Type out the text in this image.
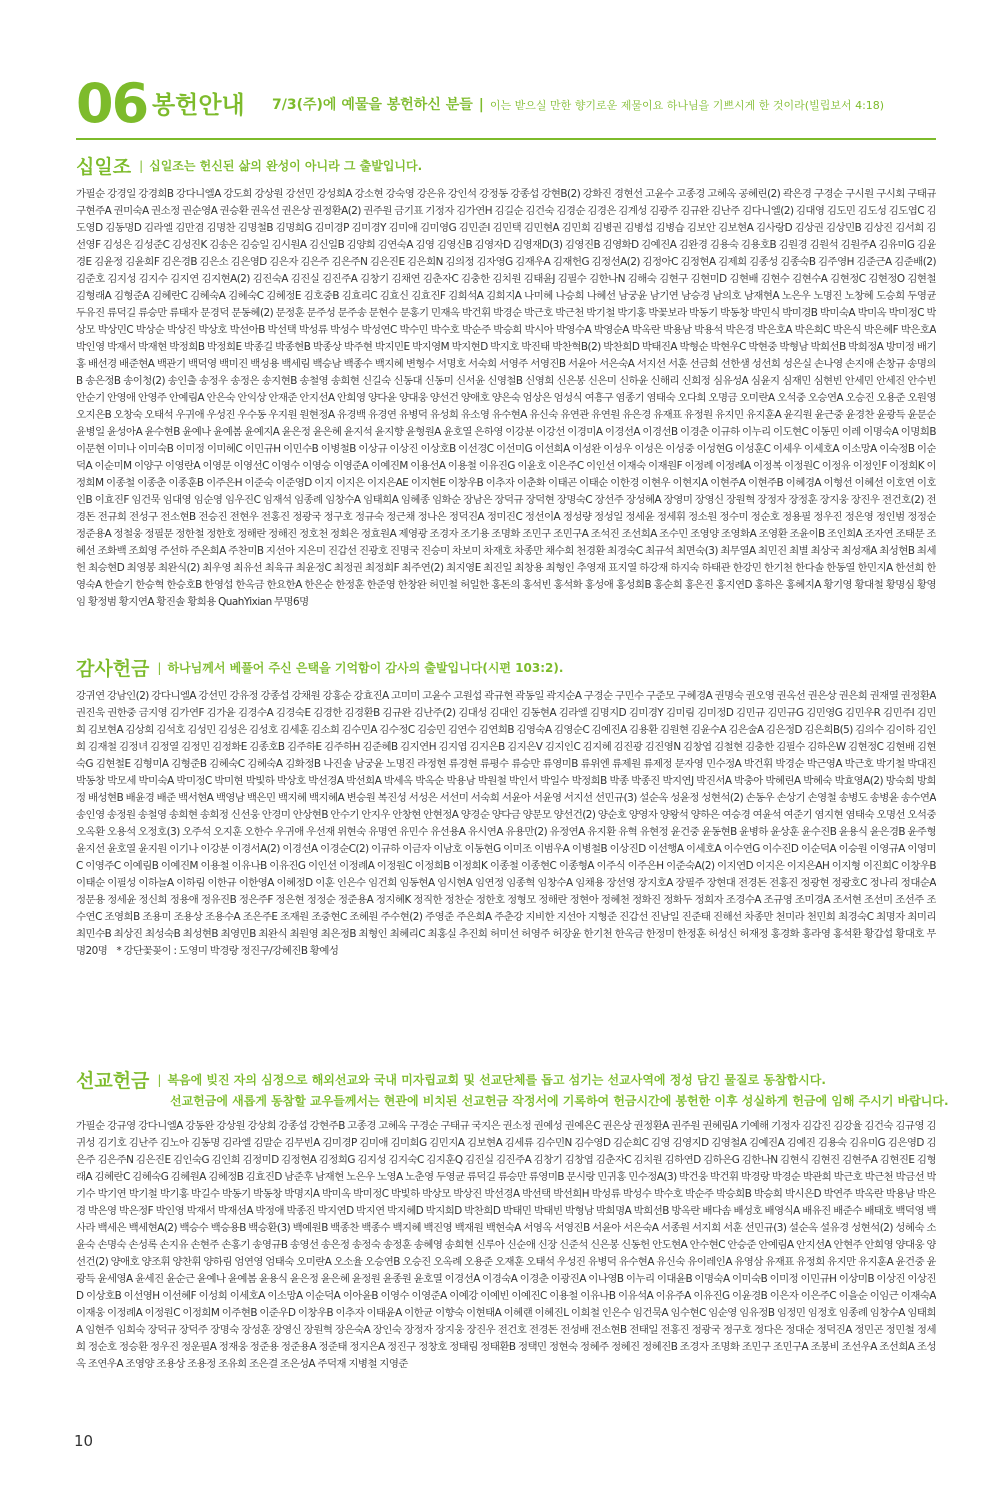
06 봉헌안내 7/3(주)에 예물을 봉헌하신 분들 | 이는 받으실 만한 향기로운 제물이요 하나님을 기쁘시게 한 것이라(빌립보서 4:18)
십일조 | 십일조는 헌신된 삶의 완성이 아니라 그 출발입니다.
가필순 강경일 강경희B 강다니엘A 강도희 강상원 강선민 강성희A 강소현 강숙영 강은유 강인석 강정동 강종섭 강현B(2) 강화진 경현선 고윤수 고종경 고혜옥 공혜린(2) 곽은경 구경순 구시원 구시회 구태규 구현주A 권미숙A 권소정 권순영A 권승환 권옥선 권은상 권정환A(2) 권주원 금기표 기정자 김가연H 김길순 김건숙 김경순 김경은 김계성 김광주 김규완 김난주 김다니엘(2) 김대영 김도민 김도성 김도엽C 김도영D 김동명D 김라엘 김만겸 김명찬 김명철B 김명희G 김미경P 김미경Y 김미애 김미영G 김민준I 김민택 김민현A 김민희 김병권 김병섭 김병습 김보안 김보현A 김사랑D 김상권 김상민B 김상진 김서희 김선영F 김성은 김성준C 김성진K 김송은 김승일 김시원A 김신일B 김양희 김연숙A 김영 김영신B 김영자D 김영재D(3) 김영진B 김영화D 김예진A 김완경 김용숙 김용호B 김원경 김원석 김원주A 김유미G 김윤경E 김윤정 김윤희F 김은경B 김은소 김은영D 김은자 김은주 김은주N 김은진E 김은희N 김의정 김자영G 김재우A 김재헌G 김정선A(2) 김정아C 김정현A 김제희 김종성 김종숙B 김주영H 김준근A 김준배(2) 김준호 김지성 김지수 김지연 김지현A(2) 김진숙A 김진실 김진주A 김창기 김채연 김춘자C 김충한 김치원 김태윤J 김필수 김한나N 김해숙 김현구 김현미D 김현배 김현수 김현수A 김현정C 김현정O 김현철 김형래A 김형준A 김혜란C 김혜숙A 김혜숙C 김혜정E 김호중B 김효리C 김효신 김효진F 김희석A 김희지A 나미혜 나승희 나혜선 남궁윤 남기연 남승경 남의호 남재현A 노은우 노명진 노창혜 도승희 두영균 두유진 류덕길 류승만 류태자 문경덕 문동혜(2) 문정훈 문주성 문주송 문현수 문홍기 민재옥 박건휘 박경순 박근호 박근천 박기철 박기홍 박꽃보라 박동기 박동창 박민식 박미경B 박미숙A 박미옥 박미정C 박상모 박상민C 박상순 박상진 박상호 박선아B 박선택 박성류 박성수 박성연C 박수민 박수호 박순주 박승희 박시아 박영수A 박영순A 박옥란 박용남 박용석 박은경 박은호A 박은희C 박은식 박은혜F 박은호A 박인영 박재서 박재현 박정희B 박정희E 박종길 박종현B 박종상 박주현 박지민E 박지영M 박지현D 박지호 박진태 박찬혁B(2) 박찬희D 박태진A 박형순 박현우C 박현중 박형남 박희선B 박희정A 방미정 배기홍 배선경 배준현A 백관기 백덕영 백미진 백성용 백세림 백승남 백종수 백지혜 변형수 서명호 서숙희 서영주 서영진B 서윤아 서은숙A 서지선 서훈 선금희 선한샘 성선희 성은실 손나영 손지애 손창규 송명의B 송은정B 송이청(2) 송인출 송정우 송정은 송지현B 송철영 송희현 신길숙 신동대 신동미 신서윤 신영철B 신영희 신은봉 신은미 신하윤 신해리 신희정 심유성A 심윤지 심재민 심현빈 안세민 안세진 안수빈 안순기 안영애 안영주 안예림A 안은숙 안익상 안재준 안지선A 안희영 양다윤 양대웅 양선건 양애호 양은숙 엄상은 엄성식 여흥구 염종기 염태숙 오다희 오명금 오미란A 오석중 오승연A 오승진 오용준 오원영 오지은B 오창숙 오태석 우귀애 우성진 우수동 우지원 원현정A 유경백 유경연 유병덕 유성희 유소영 유수현A 유신숙 유연관 유연원 유은경 유재표 유정원 유지민 유지훈A 윤긱원 윤근중 윤경찬 윤광득 윤문순 윤병일 윤성아A 윤수현B 윤예나 윤예봄 윤예지A 윤은정 윤은혜 윤지석 윤지향 윤형원A 윤호열 은하영 이강분 이강선 이경미A 이경선A 이경선B 이경춘 이규하 이누리 이도현C 이동민 이레 이명숙A 이명희B 이문현 이미나 이미숙B 이미정 이미혜C 이민규H 이민수B 이병철B 이상규 이상진 이상호B 이선경C 이선미G 이선희A 이성완 이성우 이성은 이성중 이성현G 이성훈C 이세우 이세호A 이소망A 이숙정B 이순덕A 이순미M 이양구 이영란A 이영문 이영선C 이영수 이영승 이영준A 이예진M 이용선A 이용철 이유진G 이윤호 이은주C 이인선 이재숙 이재원F 이정례 이정례A 이정복 이정원C 이정유 이정인F 이정희K 이정희M 이종철 이종춘 이종훈B 이주은H 이준숙 이준영D 이지 이지은 이지은AE 이지현E 이창우B 이추자 이춘화 이태곤 이태순 이한경 이현우 이현지A 이현주A 이현주B 이혜경A 이형선 이혜선 이호연 이호인B 이효진F 임건묵 임대영 임순영 임우진C 임재석 임종례 임창수A 임태희A 임혜종 임화순 장남은 장덕규 장덕현 장명숙C 장선주 장성혜A 장영미 장영신 장원혁 장정자 장정훈 장지웅 장진우 전건호(2) 전경돈 전규희 전성구 전소현B 전승진 전현우 전홍진 정광국 정구호 정규숙 정근채 정나은 정덕진A 정미진C 정선이A 정성량 정성일 정세윤 정세휘 정소원 정수미 정순호 정용필 정우진 정은영 정인범 정정순 정준용A 정철웅 정필문 정한철 정한호 정해란 정해진 정호천 정회은 정효원A 제영광 조경자 조기용 조명화 조민구 조민구A 조석진 조선희A 조수민 조영양 조영화A 조영환 조윤이B 조인희A 조자연 조태문 조혜선 조화백 조희영 주선하 주온희A 주찬미B 지선아 지은미 진갑선 진광호 진명국 진승미 차보미 차재호 차종만 채수희 천경환 최경숙C 최규석 최면숙(3) 최무열A 최민진 최별 최상국 최성재A 최성현B 최세헌 최승현D 최영봉 최완식(2) 최우영 최유선 최육규 최윤정C 최정권 최정희F 최주연(2) 최지영E 최진일 최창용 최형인 추영재 표지열 하강재 하지숙 하태관 한강민 한기천 한다솔 한동열 한민지A 한선희 한영숙A 한슬기 한승혁 한승호B 한영섭 한옥금 한요한A 한은순 한정훈 한준영 한창완 허민철 허일한 홍돈의 홍석빈 홍석화 홍성애 홍성희B 홍순희 홍은진 홍지연D 홍하은 홍혜지A 황기영 황대철 황명심 황영임 황정범 황지연A 황진솔 황희용 QuahYixian 무명6명
감사헌금 | 하나님께서 베풀어 주신 은택을 기억함이 감사의 출발입니다(시편 103:2).
강귀연 강남인(2) 강다니엘A 강선민 강유정 강종섭 강채원 강홍순 강효진A 고미미 고윤수 고원섭 곽규현 곽동일 곽지순A 구경순 구민수 구준모 구혜경A 권명숙 권오영 권옥선 권은상 권은희 권재열 권정환A 권진욱 권한중 금지영 김가연F 김가윤 김경수A 김경숙E 김경한 김경환B 김규완 김난주(2) 김대성 김대인 김동현A 김라엘 김명지D 김미경Y 김미림 김미정D 김민규 김민규G 김민영G 김민우R 김민주I 김민희 김보현A 김상희 김석호 김성민 김성은 김성호 김세훈 김소희 김수민A 김수정C 김승민 김연수 김연희B 김영숙A 김영순C 김예진A 김용환 김원현 김윤수A 김은술A 김은정D 김은희B(5) 김의수 김이하 김인희 김재철 김정녀 김정열 김정민 김정화E 김종호B 김주하E 김주하H 김준혜B 김지연H 김지엽 김지은B 김지은V 김지인C 김지혜 김진광 김진영N 김창엽 김철현 김충한 김필수 김하은W 김현정C 김현배 김현숙G 김현철E 김형미A 김형준B 김혜숙C 김혜숙A 김화정B 나진솔 남궁윤 노명진 라정현 류경현 류평수 류승만 류영미B 류위엔 류제원 류제정 문자영 민수정A 박건휘 박경순 박근영A 박근호 박기철 박대진 박동창 박모세 박미숙A 박미정C 박미현 박빛하 박상호 박선경A 박선희A 박세옥 박옥순 박용남 박원철 박인서 박일수 박정희B 박종 박종진 박지연J 박진서A 박충아 박혜린A 박혜숙 박효영A(2) 방숙희 방희정 배성현B 배윤경 배준 백서현A 백영남 백은민 백지혜 백지혜A 변승원 복진성 서성은 서선미 서숙희 서윤아 서윤영 서지선 선민규(3) 설순옥 성윤정 성현석(2) 손동우 손상기 손영철 송병도 송병윤 송수연A 송인영 송정원 송철영 송희현 송희정 신선웅 안경미 안상현B 안수기 안지우 안창현 안현정A 양경순 양다금 양문모 양선건(2) 양순호 양영자 양왕석 양하은 여승경 여윤석 여준기 염지현 염태숙 오명선 오석중 오옥환 오용석 오정호(3) 오주석 오지훈 오한수 우귀애 우선재 위현숙 유명연 유민수 유선용A 유시연A 유용만(2) 유정연A 유지환 유혁 유현정 윤건중 윤동현B 윤병하 윤상훈 윤수진B 윤용식 윤은경B 윤주형 윤지선 윤호열 윤지원 이기나 이강분 이경서A(2) 이경선A 이경순C(2) 이규하 이금자 이남호 이동현G 이미조 이범우A 이병철B 이상진D 이선행A 이세호A 이수연G 이수진D 이순덕A 이승원 이영규A 이영미C 이영주C 이예림B 이예진M 이용철 이유나B 이유진G 이인선 이정례A 이정원C 이정희B 이정희K 이종철 이종현C 이종형A 이주식 이주은H 이준숙A(2) 이지연D 이지은 이지은AH 이지형 이진희C 이창우B 이태순 이필성 이하늘A 이하림 이한규 이한영A 이혜정D 이훈 인은수 임건희 임동현A 임시현A 임연정 임종혁 임창수A 임채용 장선영 장지호A 장필주 장현대 전경돈 전홍진 정광현 정광호C 정나리 정대순A 정문용 정세윤 정신희 정용애 정유진B 정은주F 정은현 정정순 정준용A 정지혜K 정직한 정찬순 정한호 정형모 정해란 정현아 정혜천 정화진 정화두 정희자 조경수A 조규영 조미경A 조서현 조선미 조선주 조수연C 조영희B 조용미 조용상 조용수A 조은주E 조재원 조중현C 조혜원 주수현(2) 주영준 주은희A 주춘강 지비한 지선아 지형준 진갑선 진남일 진준태 진해선 차종만 천미라 천민희 최경숙C 최명자 최미리 최민수B 최상진 최성숙B 최성현B 최영민B 최완식 최원영 최은정B 최형인 최혜리C 최홍실 추진희 허미선 허영주 허장윤 한기천 한옥금 한정미 한정훈 허성신 허재정 홍경화 홍라영 홍석환 황갑섭 황대호 무명20명 * 강단꽃꽂이 : 도영미 박경랑 정진구/강혜진B 황예성
선교헌금 | 복음에 빚진 자의 심정으로 해외선교와 국내 미자립교회 및 선교단체를 돕고 섬기는 선교사역에 정성 담긴 물질로 동참합시다.
선교헌금에 새롭게 동참할 교우들께서는 현관에 비치된 선교헌금 작정서에 기록하여 헌금시간에 봉헌한 이후 성실하게 헌금에 임해 주시기 바랍니다.
가필순 강규영 강다니엘A 강동완 강상원 강상희 강종섭 강현주B 고종경 고혜옥 구경순 구태규 국지은 권소정 권예성 권예은C 권은상 권정환A 권주원 권혜림A 기예해 기정자 김갑진 김강율 김건숙 김규영 김귀성 김기호 김난주 김노아 김동명 김라엘 김말순 김무빈A 김미경P 김미애 김미희G 김민지A 김보현A 김세류 김수민N 김수영D 김순희C 김영 김영지D 김영철A 김예진A 김예진 김용숙 김유미G 김은영D 김은주 김은주N 김은진E 김인숙G 김인희 김정미D 김정현A 김정희G 김지성 김지숙C 김지훈Q 김진실 김진주A 김창기 김창엽 김춘자C 김치원 김하연D 김하은G 김한나N 김현식 김현진 김현주A 김현진E 김형래A 김혜란C 김혜숙G 김혜원A 김혜정B 김효진D 남준후 남재현 노은우 노영A 노춘영 두영균 류덕길 류승만 류영미B 문시랑 민귀홍 민수정A(3) 박건웅 박건휘 박경랑 박경순 박관희 박근호 박근천 박금선 박기수 박기연 박기철 박기홍 박길수 박동기 박동창 박명지A 박미옥 박미정C 박빛하 박상모 박상진 박선경A 박선택 박선희H 박성류 박성수 박수호 박순주 박승희B 박승희 박시은D 박연주 박옥란 박용남 박은경 박은영 박은정F 박인영 박재서 박재선A 박정애 박종진 박지연D 박지연 박지혜D 박지희D 박찬희D 박태민 박태빈 박형남 박희명A 박희선B 방옥란 배다솜 배성호 배영식A 배유진 배준수 배태호 백덕영 백사라 백세은 백세현A(2) 백승수 백승용B 백승환(3) 백예원B 백종찬 백종수 백지혜 백진영 백재원 백현숙A 서영옥 서영진B 서윤아 서은숙A 서종원 서지희 서훈 선민규(3) 설순옥 설유경 성현석(2) 성혜숙 소윤숙 손명숙 손성록 손지유 손현주 손홍기 송영규B 송영선 송은정 송정숙 송정훈 송혜영 송희현 신루아 신순애 신장 신준석 신은봉 신동헌 안도현A 안수현C 안승준 안예림A 안지선A 안현주 안희영 양대웅 양선건(2) 양애호 양조휘 양찬휘 양하림 엄연영 엄태숙 오미란A 오소율 오승연B 오승진 오옥례 오용준 오재훈 오태석 우성진 유병덕 유수현A 유신숙 유이레인A 유영삼 유재표 유정희 유지만 유지훈A 윤건중 윤광득 윤세영A 윤세진 윤순근 윤예나 윤예봄 윤용식 윤은정 윤은혜 윤정원 윤종원 윤호열 이경선A 이경숙A 이경춘 이광진A 이나영B 이누리 이대윤B 이명숙A 이미숙B 이미정 이민규H 이상미B 이상진 이상진D 이상호B 이선영H 이선혜F 이성희 이세호A 이소망A 이순덕A 이아윤B 이영수 이영준A 이예강 이예빈 이예진C 이용철 이유나B 이유석A 이유주A 이유진G 이윤경B 이은자 이은주C 이을순 이임근 이재숙A 이재웅 이정례A 이정원C 이정희M 이주현B 이준우D 이창우B 이추자 이태윤A 이한균 이향숙 이현태A 이혜랜 이혜진L 이희철 인은수 임건묵A 임수현C 임순영 임유정B 임정민 임정호 임종례 임창수A 임태희A 임현주 임희숙 장덕규 장덕주 장명숙 장성훈 장영신 장원혁 장은숙A 장인숙 장정자 장지웅 장진우 전건호 전경돈 전성배 전소현B 전태일 전홍진 정광국 정구호 정다은 정대순 정덕진A 정민곤 정민철 정세희 정순호 정승환 정우진 정운필A 정재웅 정준용 정준용A 정준태 정지은A 정진구 정창호 정태림 정태환B 정택민 정현숙 정혜주 정혜진 정혜진B 조경자 조명화 조민구 조민구A 조봉비 조선우A 조선희A 조성옥 조연우A 조영양 조용상 조용정 조유희 조은결 조은성A 주덕재 지병철 지영준
10
